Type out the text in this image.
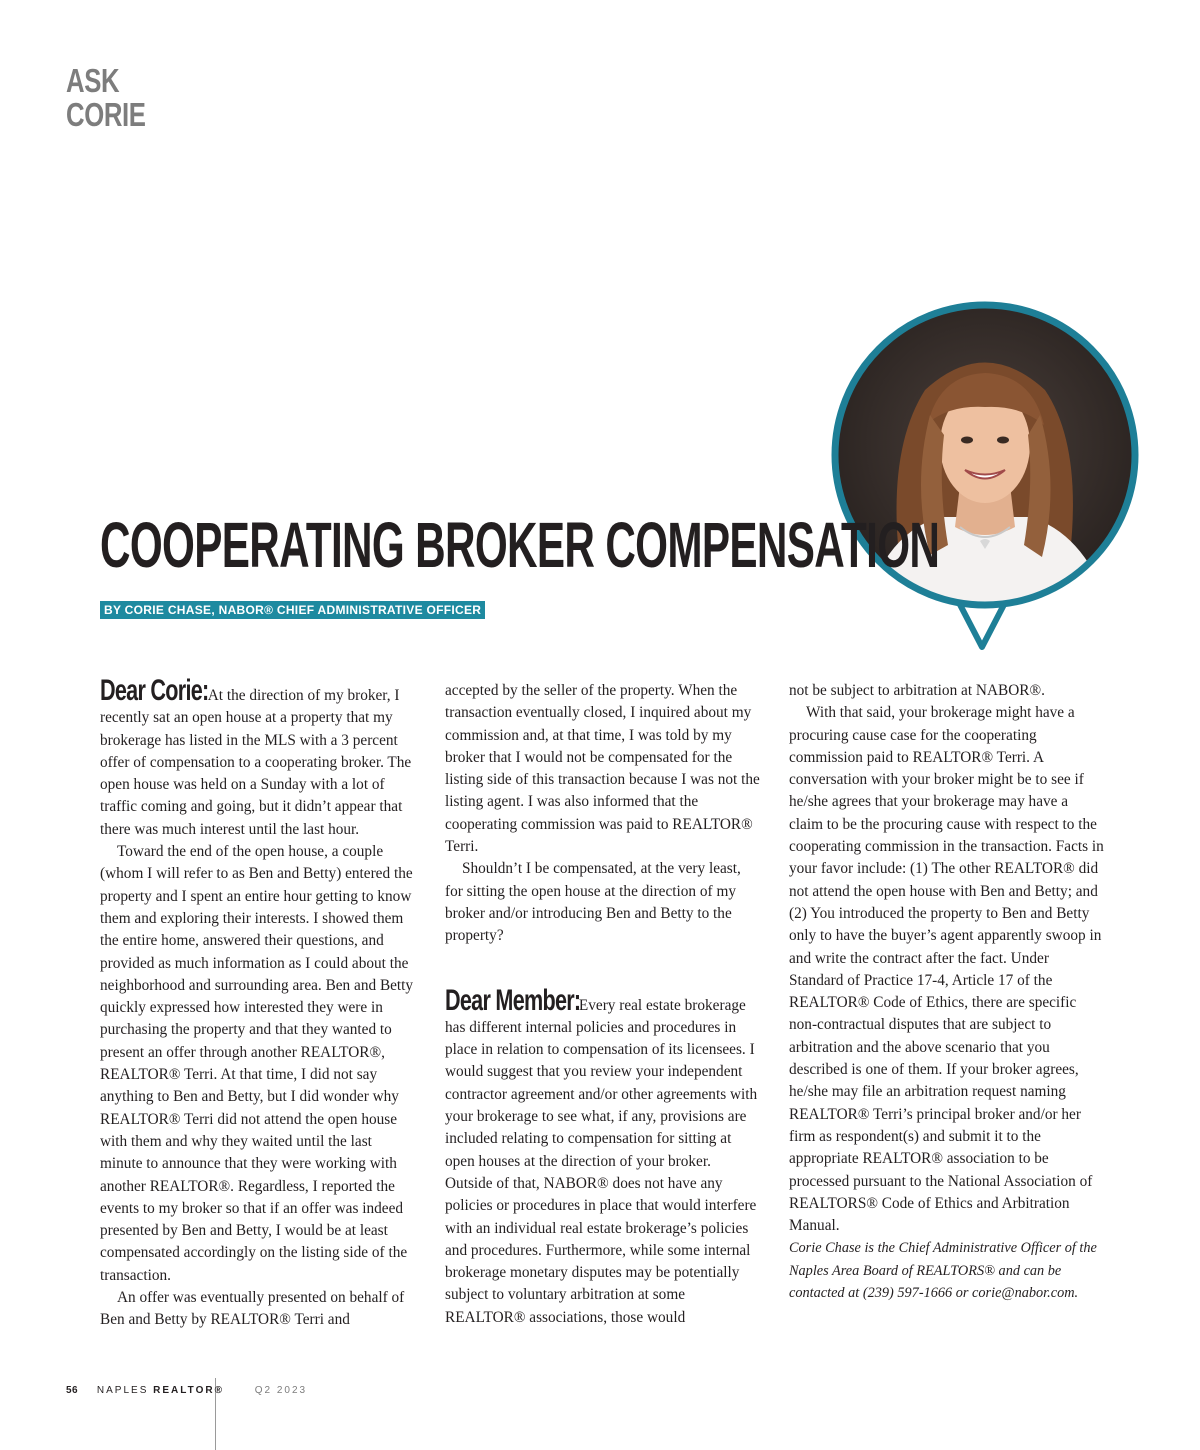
ASK
CORIE
COOPERATING BROKER COMPENSATION
BY CORIE CHASE, NABOR® CHIEF ADMINISTRATIVE OFFICER

Dear Corie: At the direction of my broker, I recently sat an open house at a property that my brokerage has listed in the MLS with a 3 percent offer of compensation to a cooperating broker. The open house was held on a Sunday with a lot of traffic coming and going, but it didn’t appear that there was much interest until the last hour.

Toward the end of the open house, a couple (whom I will refer to as Ben and Betty) entered the property and I spent an entire hour getting to know them and exploring their interests. I showed them the entire home, answered their questions, and provided as much information as I could about the neighborhood and surrounding area. Ben and Betty quickly expressed how interested they were in purchasing the property and that they wanted to present an offer through another REALTOR®, REALTOR® Terri. At that time, I did not say anything to Ben and Betty, but I did wonder why REALTOR® Terri did not attend the open house with them and why they waited until the last minute to announce that they were working with another REALTOR®. Regardless, I reported the events to my broker so that if an offer was indeed presented by Ben and Betty, I would be at least compensated accordingly on the listing side of the transaction.

An offer was eventually presented on behalf of Ben and Betty by REALTOR® Terri and

accepted by the seller of the property. When the transaction eventually closed, I inquired about my commission and, at that time, I was told by my broker that I would not be compensated for the listing side of this transaction because I was not the listing agent. I was also informed that the cooperating commission was paid to REALTOR® Terri.

Shouldn’t I be compensated, at the very least, for sitting the open house at the direction of my broker and/or introducing Ben and Betty to the property?

Dear Member: Every real estate brokerage has different internal policies and procedures in place in relation to compensation of its licensees. I would suggest that you review your independent contractor agreement and/or other agreements with your brokerage to see what, if any, provisions are included relating to compensation for sitting at open houses at the direction of your broker. Outside of that, NABOR® does not have any policies or procedures in place that would interfere with an individual real estate brokerage’s policies and procedures. Furthermore, while some internal brokerage monetary disputes may be potentially subject to voluntary arbitration at some REALTOR® associations, those would

not be subject to arbitration at NABOR®.

With that said, your brokerage might have a procuring cause case for the cooperating commission paid to REALTOR® Terri. A conversation with your broker might be to see if he/she agrees that your brokerage may have a claim to be the procuring cause with respect to the cooperating commission in the transaction. Facts in your favor include: (1) The other REALTOR® did not attend the open house with Ben and Betty; and (2) You introduced the property to Ben and Betty only to have the buyer’s agent apparently swoop in and write the contract after the fact. Under Standard of Practice 17-4, Article 17 of the REALTOR® Code of Ethics, there are specific non-contractual disputes that are subject to arbitration and the above scenario that you described is one of them. If your broker agrees, he/she may file an arbitration request naming REALTOR® Terri’s principal broker and/or her firm as respondent(s) and submit it to the appropriate REALTOR® association to be processed pursuant to the National Association of REALTORS® Code of Ethics and Arbitration Manual.

Corie Chase is the Chief Administrative Officer of the Naples Area Board of REALTORS® and can be contacted at (239) 597-1666 or corie@nabor.com.

56 NAPLES REALTOR®	Q2 2023
